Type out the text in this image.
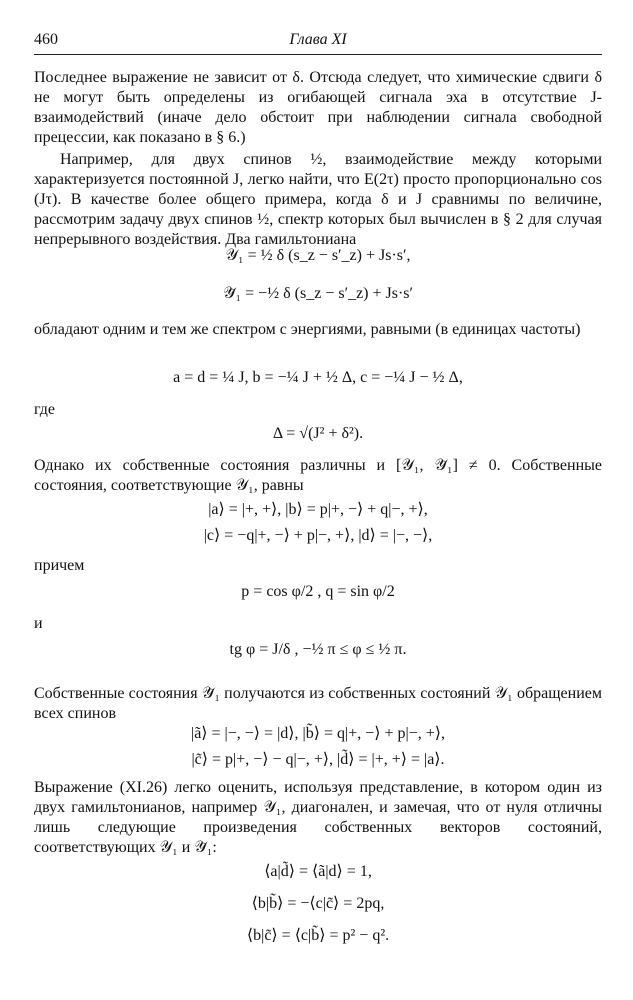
460	Глава XI

Последнее выражение не зависит от δ. Отсюда следует, что химические сдвиги δ не могут быть определены из огибающей сигнала эха в отсутствие J-взаимодействий (иначе дело обстоит при наблюдении сигнала свободной прецессии, как показано в § 6.)

Например, для двух спинов ½, взаимодействие между которыми характеризуется постоянной J, легко найти, что E(2τ) просто пропорционально cos (Jτ). В качестве более общего примера, когда δ и J сравнимы по величине, рассмотрим задачу двух спинов ½, спектр которых был вычислен в § 2 для случая непрерывного воздействия. Два гамильтониана

𝒴₁ = ½ δ (s_z − s′_z) + Js·s′,
𝒴̃₁ = −½ δ (s_z − s′_z) + Js·s′

обладают одним и тем же спектром с энергиями, равными (в единицах частоты)

a = d = ¼ J, b = −¼ J + ½ Δ, c = −¼ J − ½ Δ,
где
Δ = √(J² + δ²).

Однако их собственные состояния различны и [𝒴₁, 𝒴̃₁] ≠ 0. Собственные состояния, соответствующие 𝒴₁, равны

|a⟩ = |+, +⟩, |b⟩ = p|+, −⟩ + q|−, +⟩,
|c⟩ = −q|+, −⟩ + p|−, +⟩, |d⟩ = |−, −⟩,
причем
p = cos φ/2 , q = sin φ/2
и
tg φ = J/δ , −½ π ≤ φ ≤ ½ π.

Собственные состояния 𝒴̃₁ получаются из собственных состояний 𝒴₁ обращением всех спинов

|ã⟩ = |−, −⟩ = |d⟩, |b̃⟩ = q|+, −⟩ + p|−, +⟩,
|c̃⟩ = p|+, −⟩ − q|−, +⟩, |d̃⟩ = |+, +⟩ = |a⟩.

Выражение (XI.26) легко оценить, используя представление, в котором один из двух гамильтонианов, например 𝒴₁, диагонален, и замечая, что от нуля отличны лишь следующие произведения собственных векторов состояний, соответствующих 𝒴₁ и 𝒴̃₁:

⟨a|d̃⟩ = ⟨ã|d⟩ = 1,
⟨b|b̃⟩ = −⟨c|c̃⟩ = 2pq,
⟨b|c̃⟩ = ⟨c|b̃⟩ = p² − q².
